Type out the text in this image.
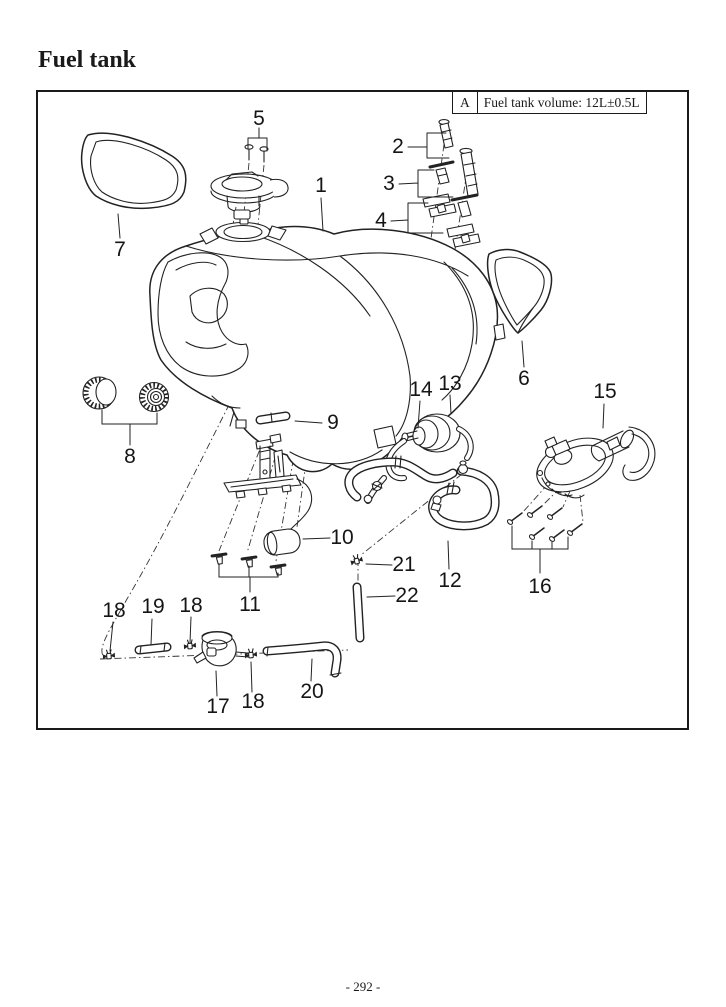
Fuel tank
A	Fuel tank volume: 12L±0.5L
1
2
3
4
5
6
7
8
9
10
11
12
13
14	15
16
17
18	18
18
19
20
21
22
- 292 -
